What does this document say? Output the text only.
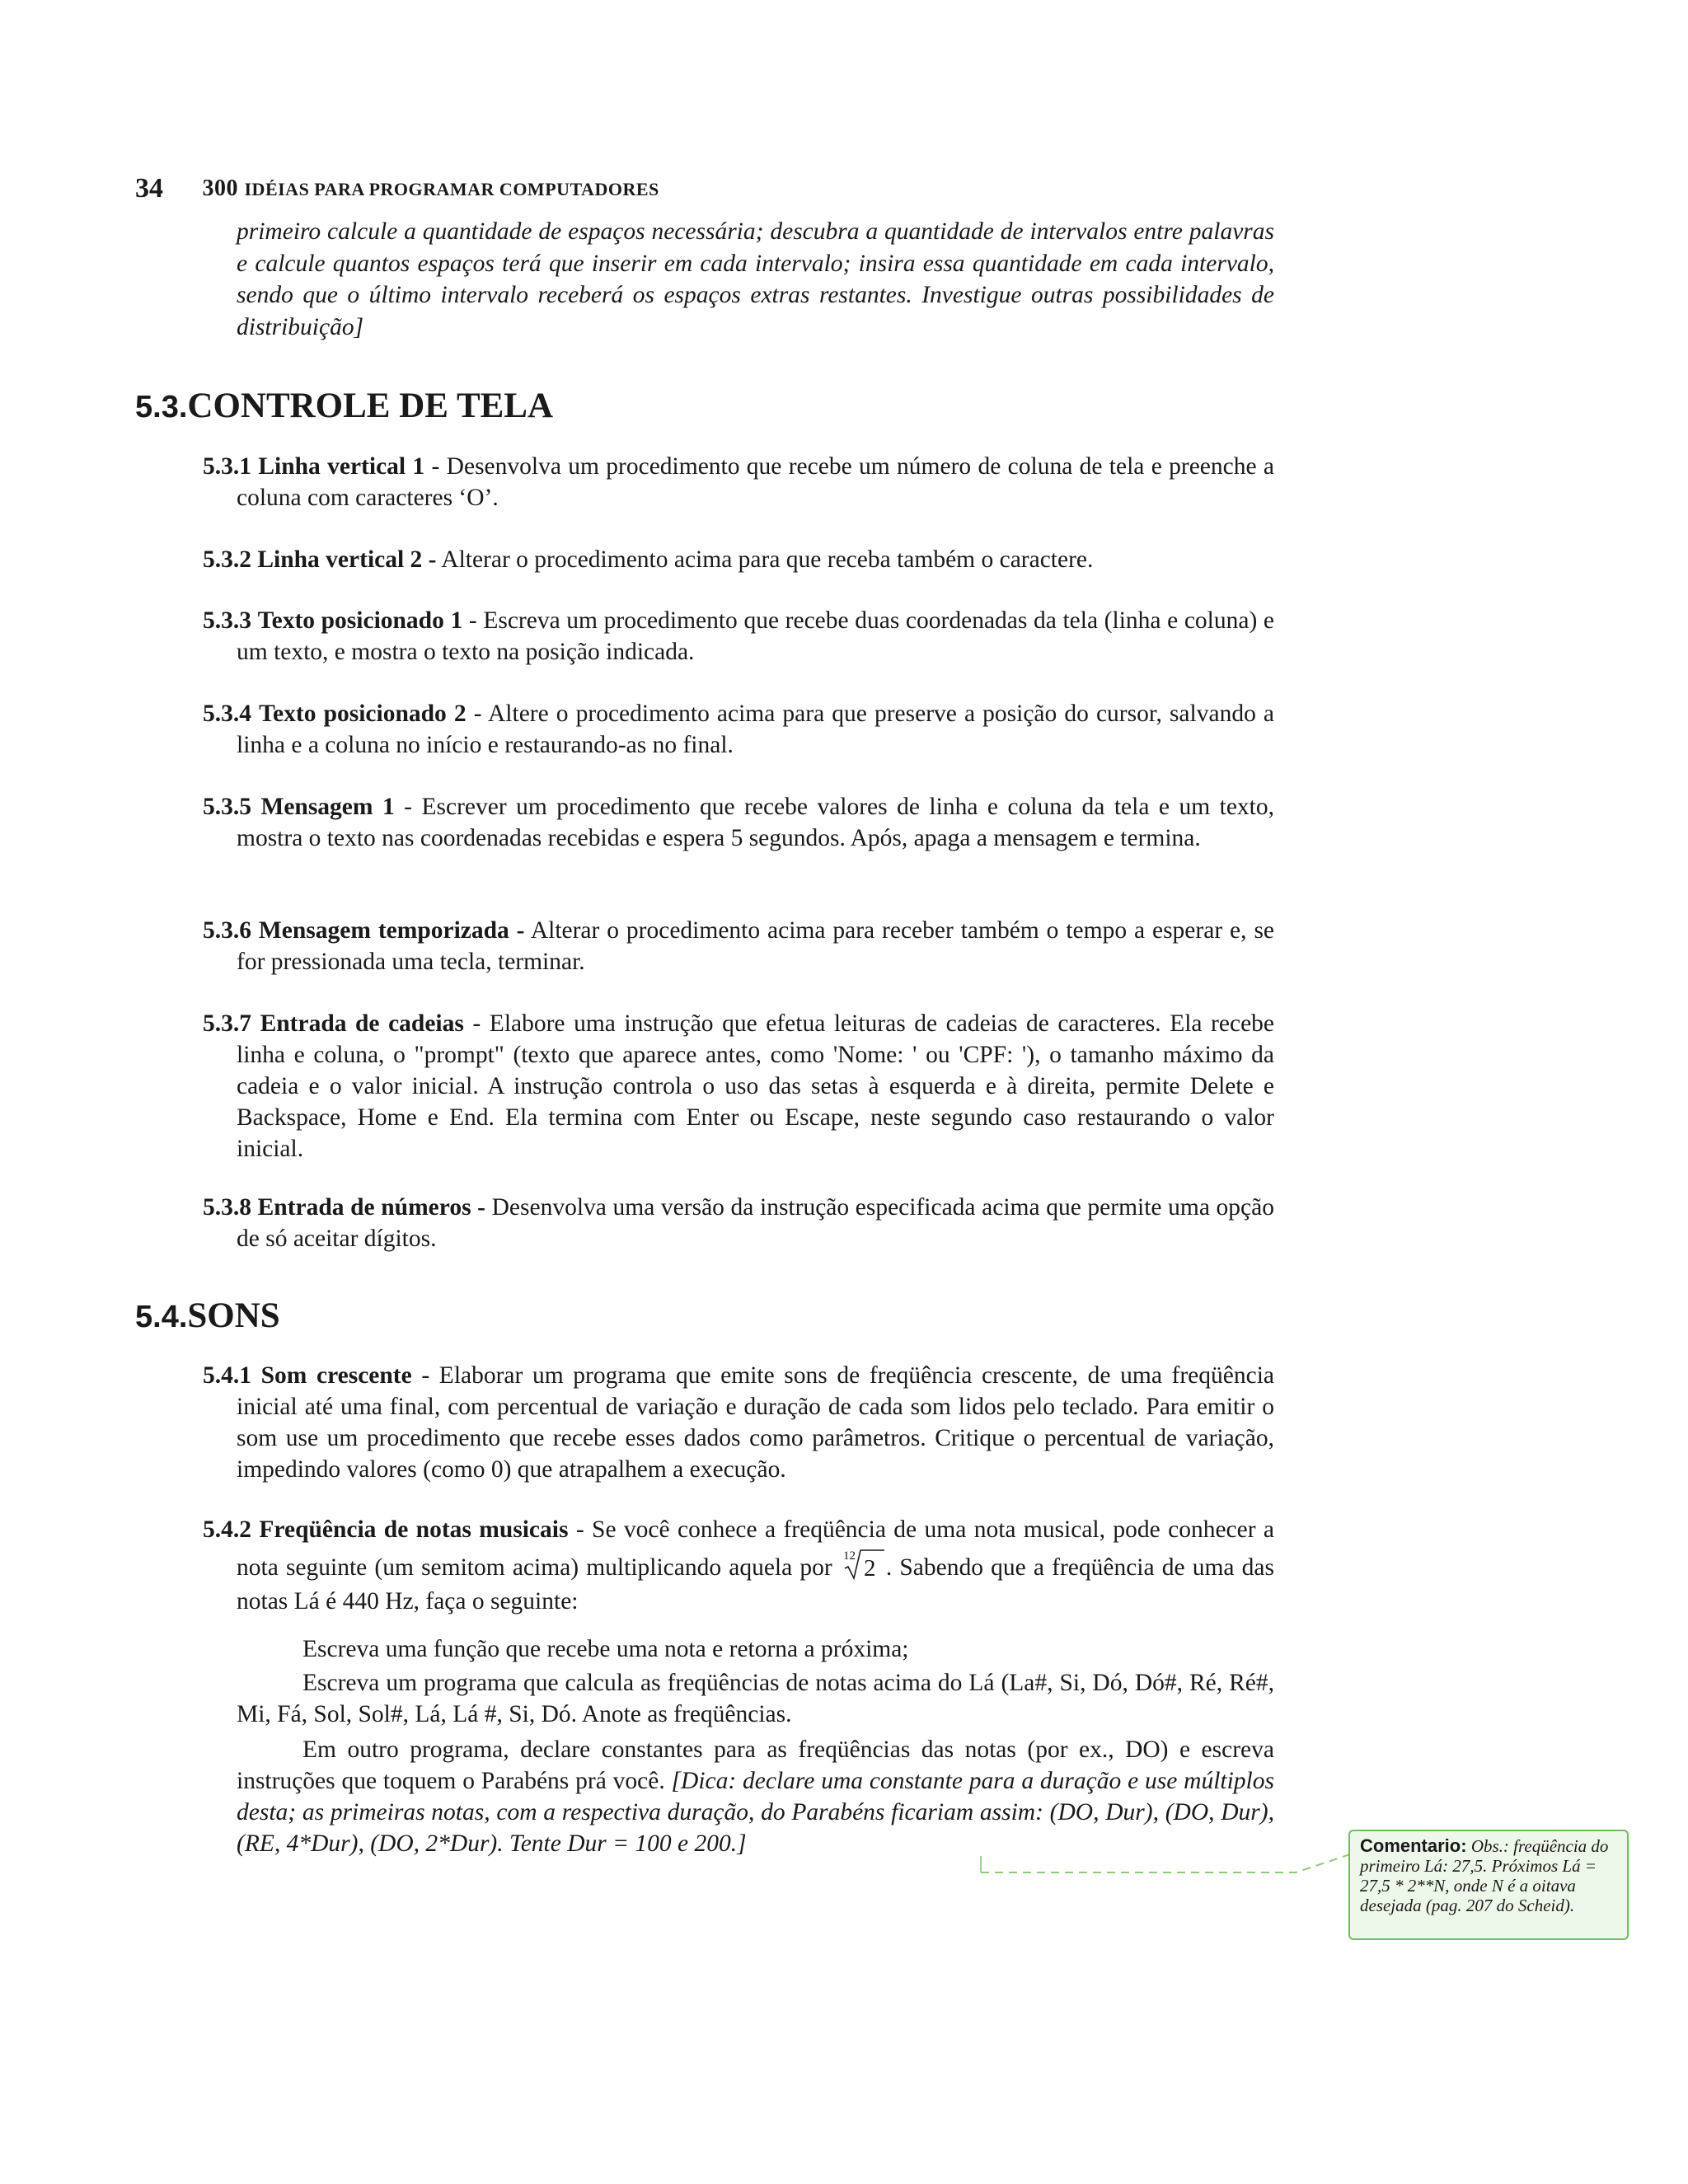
34 300 IDÉIAS PARA PROGRAMAR COMPUTADORES
primeiro calcule a quantidade de espaços necessária; descubra a quantidade de intervalos entre palavras e calcule quantos espaços terá que inserir em cada intervalo; insira essa quantidade em cada intervalo, sendo que o último intervalo receberá os espaços extras restantes. Investigue outras possibilidades de distribuição]
5.3.CONTROLE DE TELA
5.3.1 Linha vertical 1 - Desenvolva um procedimento que recebe um número de coluna de tela e preenche a coluna com caracteres ‘O’.
5.3.2 Linha vertical 2 - Alterar o procedimento acima para que receba também o caractere.
5.3.3 Texto posicionado 1 - Escreva um procedimento que recebe duas coordenadas da tela (linha e coluna) e um texto, e mostra o texto na posição indicada.
5.3.4 Texto posicionado 2 - Altere o procedimento acima para que preserve a posição do cursor, salvando a linha e a coluna no início e restaurando-as no final.
5.3.5 Mensagem 1 - Escrever um procedimento que recebe valores de linha e coluna da tela e um texto, mostra o texto nas coordenadas recebidas e espera 5 segundos. Após, apaga a mensagem e termina.
5.3.6 Mensagem temporizada - Alterar o procedimento acima para receber também o tempo a esperar e, se for pressionada uma tecla, terminar.
5.3.7 Entrada de cadeias - Elabore uma instrução que efetua leituras de cadeias de caracteres. Ela recebe linha e coluna, o "prompt" (texto que aparece antes, como 'Nome: ' ou 'CPF: '), o tamanho máximo da cadeia e o valor inicial. A instrução controla o uso das setas à esquerda e à direita, permite Delete e Backspace, Home e End. Ela termina com Enter ou Escape, neste segundo caso restaurando o valor inicial.
5.3.8 Entrada de números - Desenvolva uma versão da instrução especificada acima que permite uma opção de só aceitar dígitos.
5.4.SONS
5.4.1 Som crescente - Elaborar um programa que emite sons de freqüência crescente, de uma freqüência inicial até uma final, com percentual de variação e duração de cada som lidos pelo teclado. Para emitir o som use um procedimento que recebe esses dados como parâmetros. Critique o percentual de variação, impedindo valores (como 0) que atrapalhem a execução.
5.4.2 Freqüência de notas musicais - Se você conhece a freqüência de uma nota musical, pode conhecer a nota seguinte (um semitom acima) multiplicando aquela por 12 2 . Sabendo que a freqüência de uma das notas Lá é 440 Hz, faça o seguinte:
Escreva uma função que recebe uma nota e retorna a próxima;
Escreva um programa que calcula as freqüências de notas acima do Lá (La#, Si, Dó, Dó#, Ré, Ré#, Mi, Fá, Sol, Sol#, Lá, Lá #, Si, Dó. Anote as freqüências.
Em outro programa, declare constantes para as freqüências das notas (por ex., DO) e escreva instruções que toquem o Parabéns prá você. [Dica: declare uma constante para a duração e use múltiplos desta; as primeiras notas, com a respectiva duração, do Parabéns ficariam assim: (DO, Dur), (DO, Dur), (RE, 4*Dur), (DO, 2*Dur). Tente Dur = 100 e 200.]	Comentario: Obs.: freqüência do primeiro Lá: 27,5. Próximos Lá = 27,5 * 2**N, onde N é a oitava desejada (pag. 207 do Scheid).
